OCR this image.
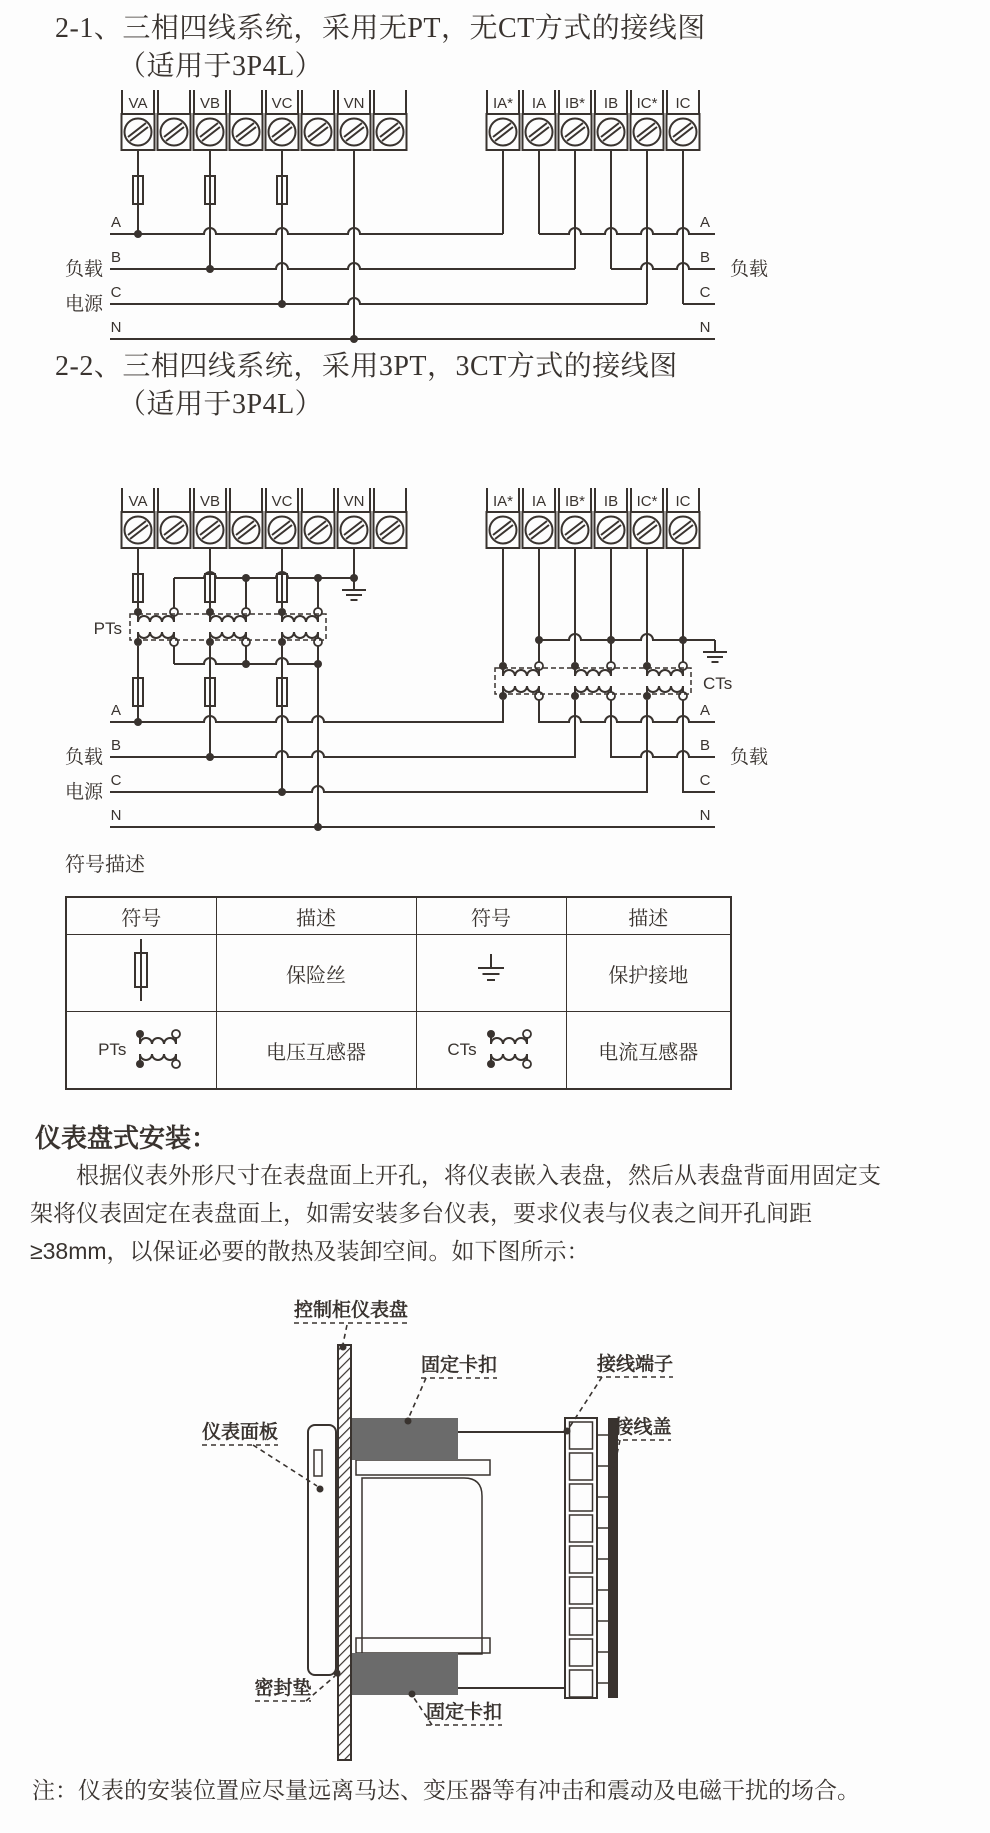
2-1、三相四线系统，采用无PT，无CT方式的接线图
（适用于3P4L）
VA	VB	VC	VN	IA* IA IB* IB IC* IC
A
B
C
N
A
B
C
N
负载
电源
负载
2-2、三相四线系统，采用3PT，3CT方式的接线图
（适用于3P4L）
VA	VB	VC	VN	IA* IA IB* IB IC* IC
PTs
CTs
A
B
C
N
A
B
C
N
负载
电源
负载
符号描述
符号	描述	符号	描述
	保险丝		保护接地

PTs	电压互感器	CTs	电流互感器
仪表盘式安装：
根据仪表外形尺寸在表盘面上开孔，将仪表嵌入表盘，然后从表盘背面用固定支架将仪表固定在表盘面上，如需安装多台仪表，要求仪表与仪表之间开孔间距≥38mm，以保证必要的散热及装卸空间。如下图所示：
控制柜仪表盘
固定卡扣	接线端子
接线盖
仪表面板
密封垫
固定卡扣
注：仪表的安装位置应尽量远离马达、变压器等有冲击和震动及电磁干扰的场合。
